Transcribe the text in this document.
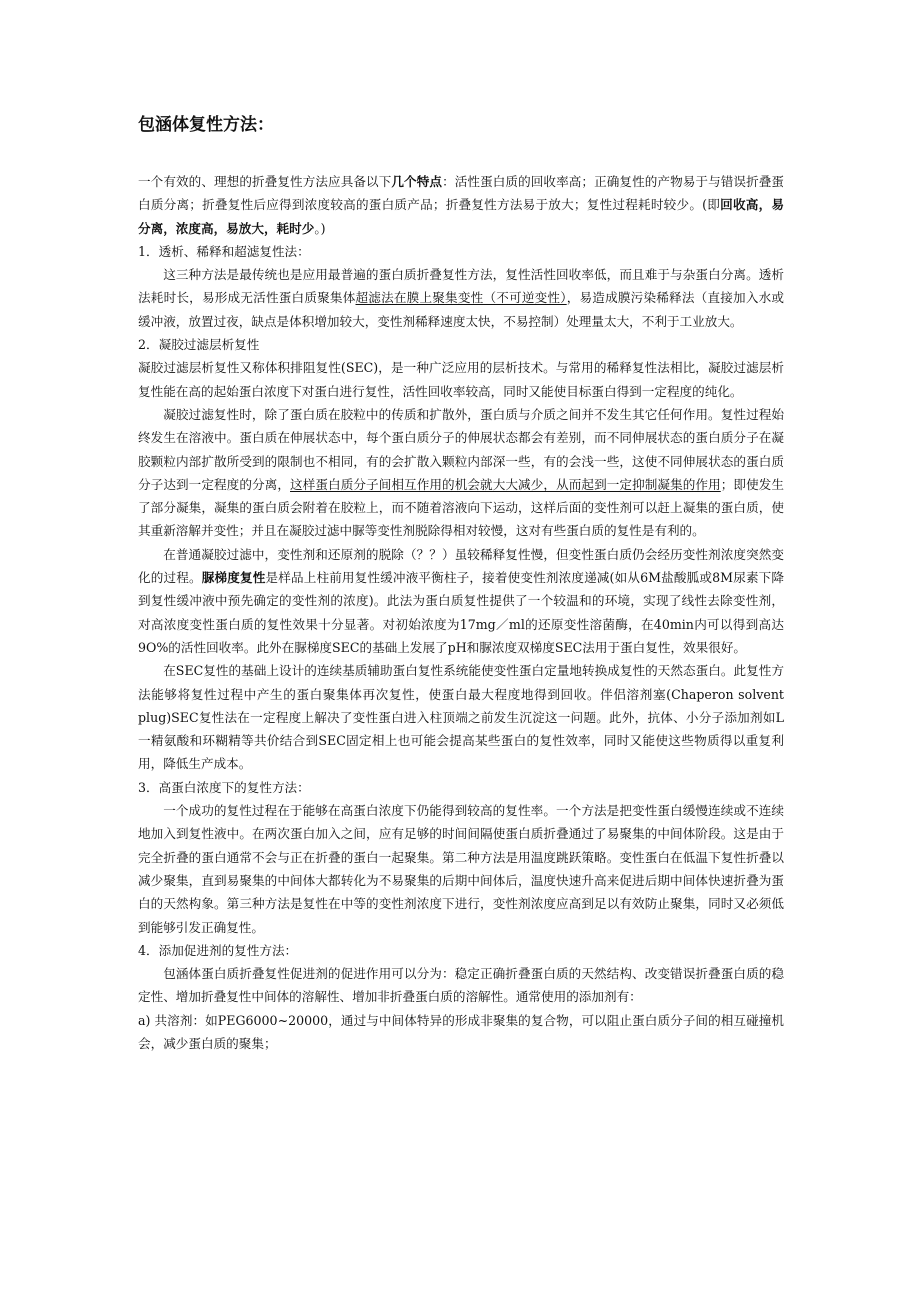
包涵体复性方法：

一个有效的、理想的折叠复性方法应具备以下几个特点：活性蛋白质的回收率高；正确复性的产物易于与错误折叠蛋白质分离；折叠复性后应得到浓度较高的蛋白质产品；折叠复性方法易于放大；复性过程耗时较少。(即回收高，易分离，浓度高，易放大，耗时少。)

1．透析、稀释和超滤复性法：

这三种方法是最传统也是应用最普遍的蛋白质折叠复性方法，复性活性回收率低，而且难于与杂蛋白分离。透析法耗时长，易形成无活性蛋白质聚集体超滤法在膜上聚集变性（不可逆变性），易造成膜污染稀释法（直接加入水或缓冲液，放置过夜，缺点是体积增加较大，变性剂稀释速度太快，不易控制）处理量太大，不利于工业放大。

2．凝胶过滤层析复性

凝胶过滤层析复性又称体积排阻复性(SEC)，是一种广泛应用的层析技术。与常用的稀释复性法相比，凝胶过滤层析复性能在高的起始蛋白浓度下对蛋白进行复性，活性回收率较高，同时又能使目标蛋白得到一定程度的纯化。

凝胶过滤复性时，除了蛋白质在胶粒中的传质和扩散外，蛋白质与介质之间并不发生其它任何作用。复性过程始终发生在溶液中。蛋白质在伸展状态中，每个蛋白质分子的伸展状态都会有差别，而不同伸展状态的蛋白质分子在凝胶颗粒内部扩散所受到的限制也不相同，有的会扩散入颗粒内部深一些，有的会浅一些，这使不同伸展状态的蛋白质分子达到一定程度的分离，这样蛋白质分子间相互作用的机会就大大减少，从而起到一定抑制凝集的作用；即使发生了部分凝集，凝集的蛋白质会附着在胶粒上，而不随着溶液向下运动，这样后面的变性剂可以赶上凝集的蛋白质，使其重新溶解并变性；并且在凝胶过滤中脲等变性剂脱除得相对较慢，这对有些蛋白质的复性是有利的。

在普通凝胶过滤中，变性剂和还原剂的脱除（？？）虽较稀释复性慢，但变性蛋白质仍会经历变性剂浓度突然变化的过程。脲梯度复性是样品上柱前用复性缓冲液平衡柱子，接着使变性剂浓度递减(如从6M盐酸胍或8M尿素下降到复性缓冲液中预先确定的变性剂的浓度)。此法为蛋白质复性提供了一个较温和的环境，实现了线性去除变性剂，对高浓度变性蛋白质的复性效果十分显著。对初始浓度为17mg／ml的还原变性溶菌酶，在40min内可以得到高达9O%的活性回收率。此外在脲梯度SEC的基础上发展了pH和脲浓度双梯度SEC法用于蛋白复性，效果很好。

在SEC复性的基础上设计的连续基质辅助蛋白复性系统能使变性蛋白定量地转换成复性的天然态蛋白。此复性方法能够将复性过程中产生的蛋白聚集体再次复性，使蛋白最大程度地得到回收。伴侣溶剂塞(Chaperon solvent plug)SEC复性法在一定程度上解决了变性蛋白进入柱顶端之前发生沉淀这一问题。此外，抗体、小分子添加剂如L一精氨酸和环糊精等共价结合到SEC固定相上也可能会提高某些蛋白的复性效率，同时又能使这些物质得以重复利用，降低生产成本。

3．高蛋白浓度下的复性方法：

一个成功的复性过程在于能够在高蛋白浓度下仍能得到较高的复性率。一个方法是把变性蛋白缓慢连续或不连续地加入到复性液中。在两次蛋白加入之间，应有足够的时间间隔使蛋白质折叠通过了易聚集的中间体阶段。这是由于完全折叠的蛋白通常不会与正在折叠的蛋白一起聚集。第二种方法是用温度跳跃策略。变性蛋白在低温下复性折叠以减少聚集，直到易聚集的中间体大都转化为不易聚集的后期中间体后，温度快速升高来促进后期中间体快速折叠为蛋白的天然构象。第三种方法是复性在中等的变性剂浓度下进行，变性剂浓度应高到足以有效防止聚集，同时又必须低到能够引发正确复性。

4．添加促进剂的复性方法：

包涵体蛋白质折叠复性促进剂的促进作用可以分为：稳定正确折叠蛋白质的天然结构、改变错误折叠蛋白质的稳定性、增加折叠复性中间体的溶解性、增加非折叠蛋白质的溶解性。通常使用的添加剂有：

a) 共溶剂：如PEG6000~20000，通过与中间体特异的形成非聚集的复合物，可以阻止蛋白质分子间的相互碰撞机会，减少蛋白质的聚集；
